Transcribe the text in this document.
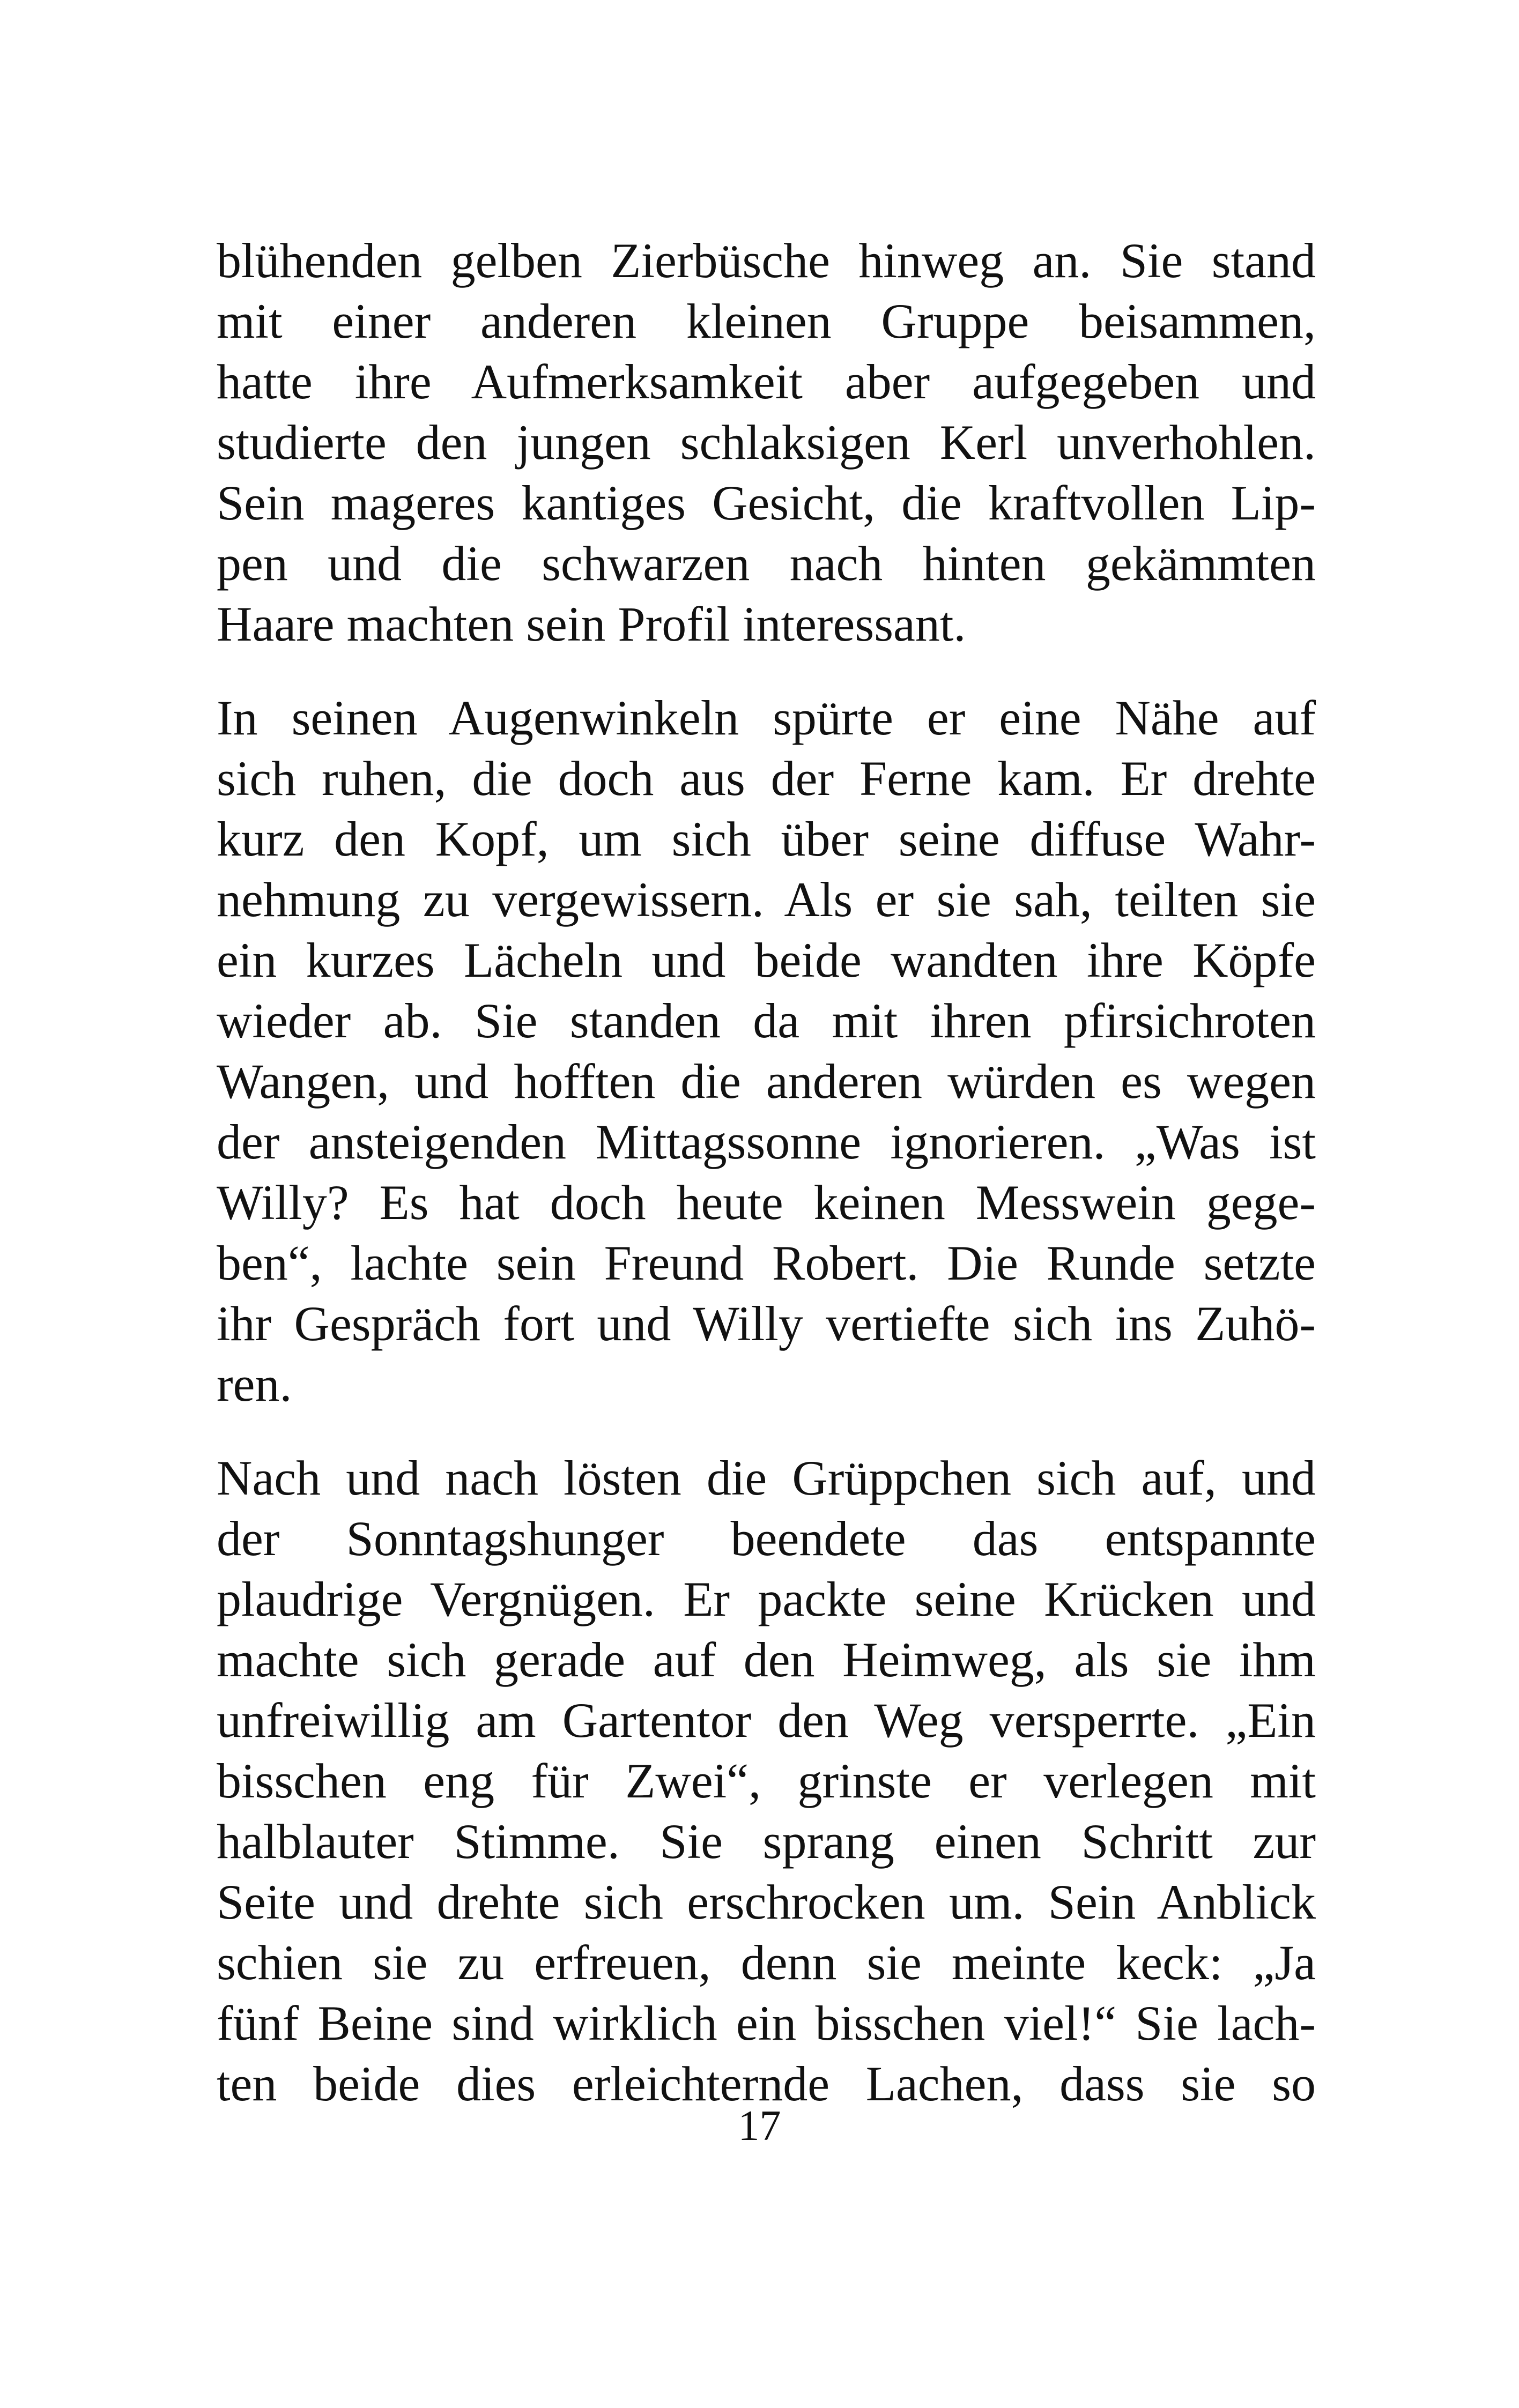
blühenden gelben Zierbüsche hinweg an. Sie stand
mit einer anderen kleinen Gruppe beisammen,
hatte ihre Aufmerksamkeit aber aufgegeben und
studierte den jungen schlaksigen Kerl unverhohlen.
Sein mageres kantiges Gesicht, die kraftvollen Lip-
pen und die schwarzen nach hinten gekämmten
Haare machten sein Profil interessant.

In seinen Augenwinkeln spürte er eine Nähe auf
sich ruhen, die doch aus der Ferne kam. Er drehte
kurz den Kopf, um sich über seine diffuse Wahr-
nehmung zu vergewissern. Als er sie sah, teilten sie
ein kurzes Lächeln und beide wandten ihre Köpfe
wieder ab. Sie standen da mit ihren pfirsichroten
Wangen, und hofften die anderen würden es wegen
der ansteigenden Mittagssonne ignorieren. „Was ist
Willy? Es hat doch heute keinen Messwein gege-
ben“, lachte sein Freund Robert. Die Runde setzte
ihr Gespräch fort und Willy vertiefte sich ins Zuhö-
ren.

Nach und nach lösten die Grüppchen sich auf, und
der Sonntagshunger beendete das entspannte
plaudrige Vergnügen. Er packte seine Krücken und
machte sich gerade auf den Heimweg, als sie ihm
unfreiwillig am Gartentor den Weg versperrte. „Ein
bisschen eng für Zwei“, grinste er verlegen mit
halblauter Stimme. Sie sprang einen Schritt zur
Seite und drehte sich erschrocken um. Sein Anblick
schien sie zu erfreuen, denn sie meinte keck: „Ja
fünf Beine sind wirklich ein bisschen viel!“ Sie lach-
ten beide dies erleichternde Lachen, dass sie so

17
